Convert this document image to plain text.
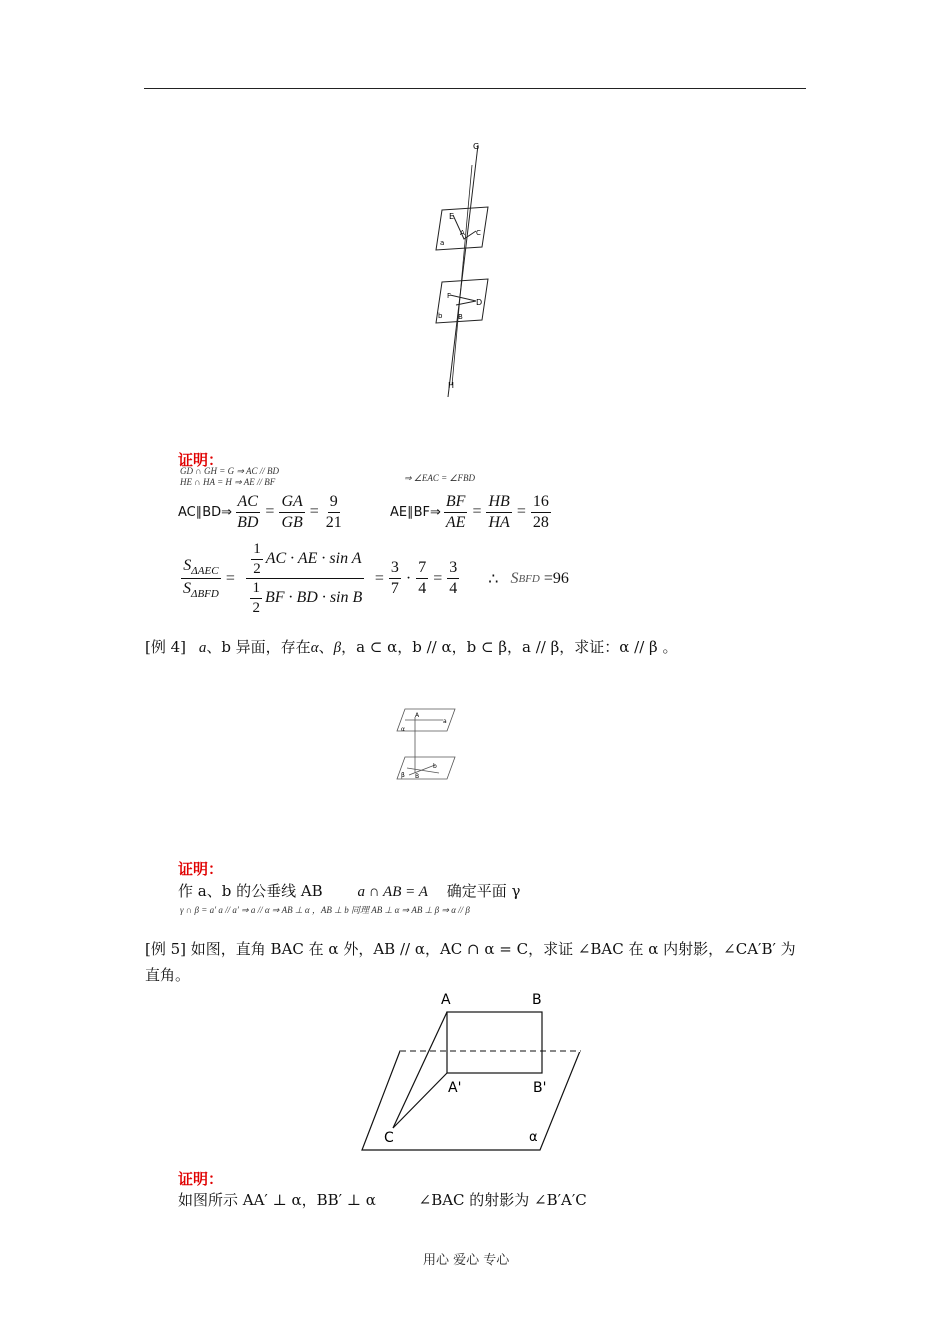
G
E
A C
a
F
D
b B
H
证明：
GD ∩ GH = G ⇒ AC // BD
HE ∩ HA = H ⇒ AE // BF	⇒ ∠EAC = ∠FBD
AC∥BD⇒ $\frac{AC}{BD} = \frac{GA}{GB} = \frac{9}{21}$	AE∥BF⇒ $\frac{BF}{AE} = \frac{HB}{HA} = \frac{16}{28}$
$\frac{S_{\Delta AEC}}{S_{\Delta BFD}} = \frac{\frac{1}{2} AC \cdot AE \cdot \sin A}{\frac{1}{2} BF \cdot BD \cdot \sin B} = \frac{3}{7} \cdot \frac{7}{4} = \frac{3}{4}$ ∴ S BFD =96
[例 4] a、b 异面，存在α、β，a ⊂ α，b // α，b ⊂ β，a // β，求证：α // β 。
A
a
α
B
b
β
证明：
作 a、b 的公垂线 AB a ∩ AB = A 确定平面 γ
γ ∩ β = a′ a // a′ ⇒ a // α ⇒ AB ⊥ α ，AB ⊥ b 同理 AB ⊥ α ⇒ AB ⊥ β ⇒ α // β
[例 5] 如图，直角 BAC 在 α 外，AB // α，AC ∩ α = C，求证 ∠BAC 在 α 内射影，∠CA′B′ 为
直角。
A	B
A'	B'
C	α
证明：
如图所示 AA′ ⊥ α，BB′ ⊥ α	∠BAC 的射影为 ∠B′A′C
用心 爱心 专心
